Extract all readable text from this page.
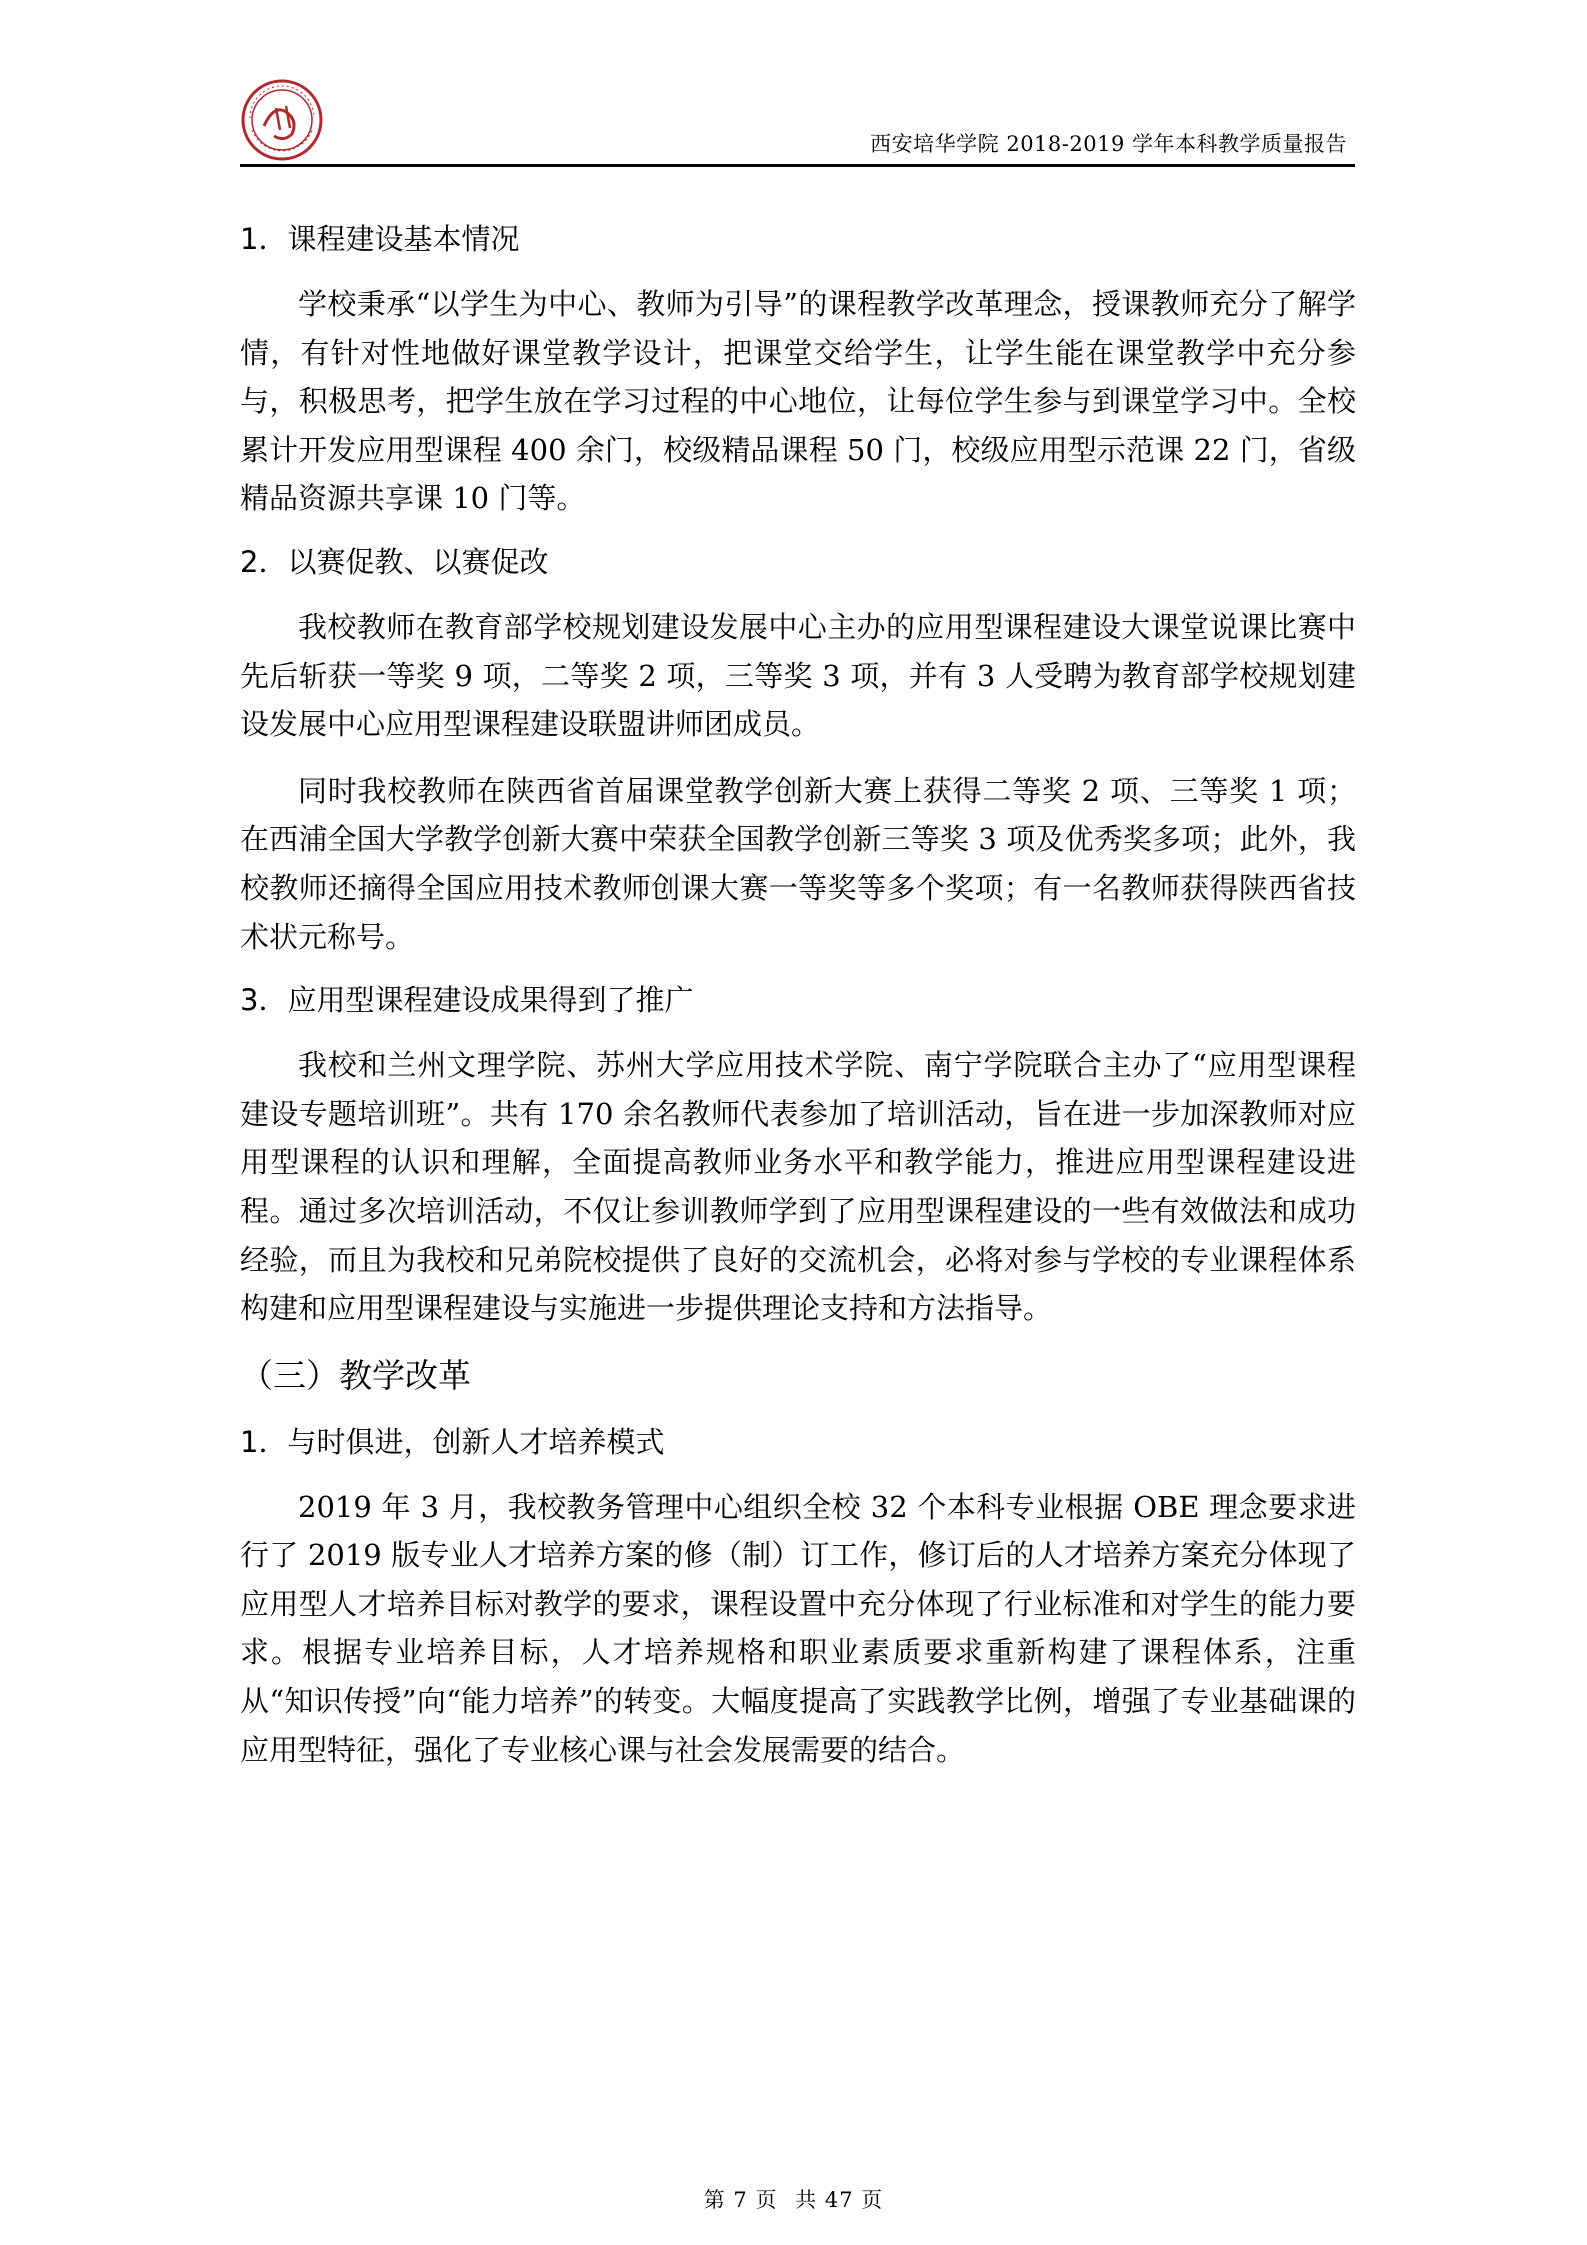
西安培华学院 2018-2019 学年本科教学质量报告
1．课程建设基本情况
学校秉承“以学生为中心、教师为引导”的课程教学改革理念，授课教师充分了解学情，有针对性地做好课堂教学设计，把课堂交给学生，让学生能在课堂教学中充分参与，积极思考，把学生放在学习过程的中心地位，让每位学生参与到课堂学习中。全校累计开发应用型课程 400 余门，校级精品课程 50 门，校级应用型示范课 22 门，省级精品资源共享课 10 门等。
2．以赛促教、以赛促改
我校教师在教育部学校规划建设发展中心主办的应用型课程建设大课堂说课比赛中先后斩获一等奖 9 项，二等奖 2 项，三等奖 3 项，并有 3 人受聘为教育部学校规划建设发展中心应用型课程建设联盟讲师团成员。
同时我校教师在陕西省首届课堂教学创新大赛上获得二等奖 2 项、三等奖 1 项；在西浦全国大学教学创新大赛中荣获全国教学创新三等奖 3 项及优秀奖多项；此外，我校教师还摘得全国应用技术教师创课大赛一等奖等多个奖项；有一名教师获得陕西省技术状元称号。
3．应用型课程建设成果得到了推广
我校和兰州文理学院、苏州大学应用技术学院、南宁学院联合主办了“应用型课程建设专题培训班”。共有 170 余名教师代表参加了培训活动，旨在进一步加深教师对应用型课程的认识和理解，全面提高教师业务水平和教学能力，推进应用型课程建设进程。通过多次培训活动，不仅让参训教师学到了应用型课程建设的一些有效做法和成功经验，而且为我校和兄弟院校提供了良好的交流机会，必将对参与学校的专业课程体系构建和应用型课程建设与实施进一步提供理论支持和方法指导。
（三）教学改革
1．与时俱进，创新人才培养模式
2019 年 3 月，我校教务管理中心组织全校 32 个本科专业根据 OBE 理念要求进行了 2019 版专业人才培养方案的修（制）订工作，修订后的人才培养方案充分体现了应用型人才培养目标对教学的要求，课程设置中充分体现了行业标准和对学生的能力要求。根据专业培养目标，人才培养规格和职业素质要求重新构建了课程体系，注重从“知识传授”向“能力培养”的转变。大幅度提高了实践教学比例，增强了专业基础课的应用型特征，强化了专业核心课与社会发展需要的结合。
第 7 页 共 47 页
